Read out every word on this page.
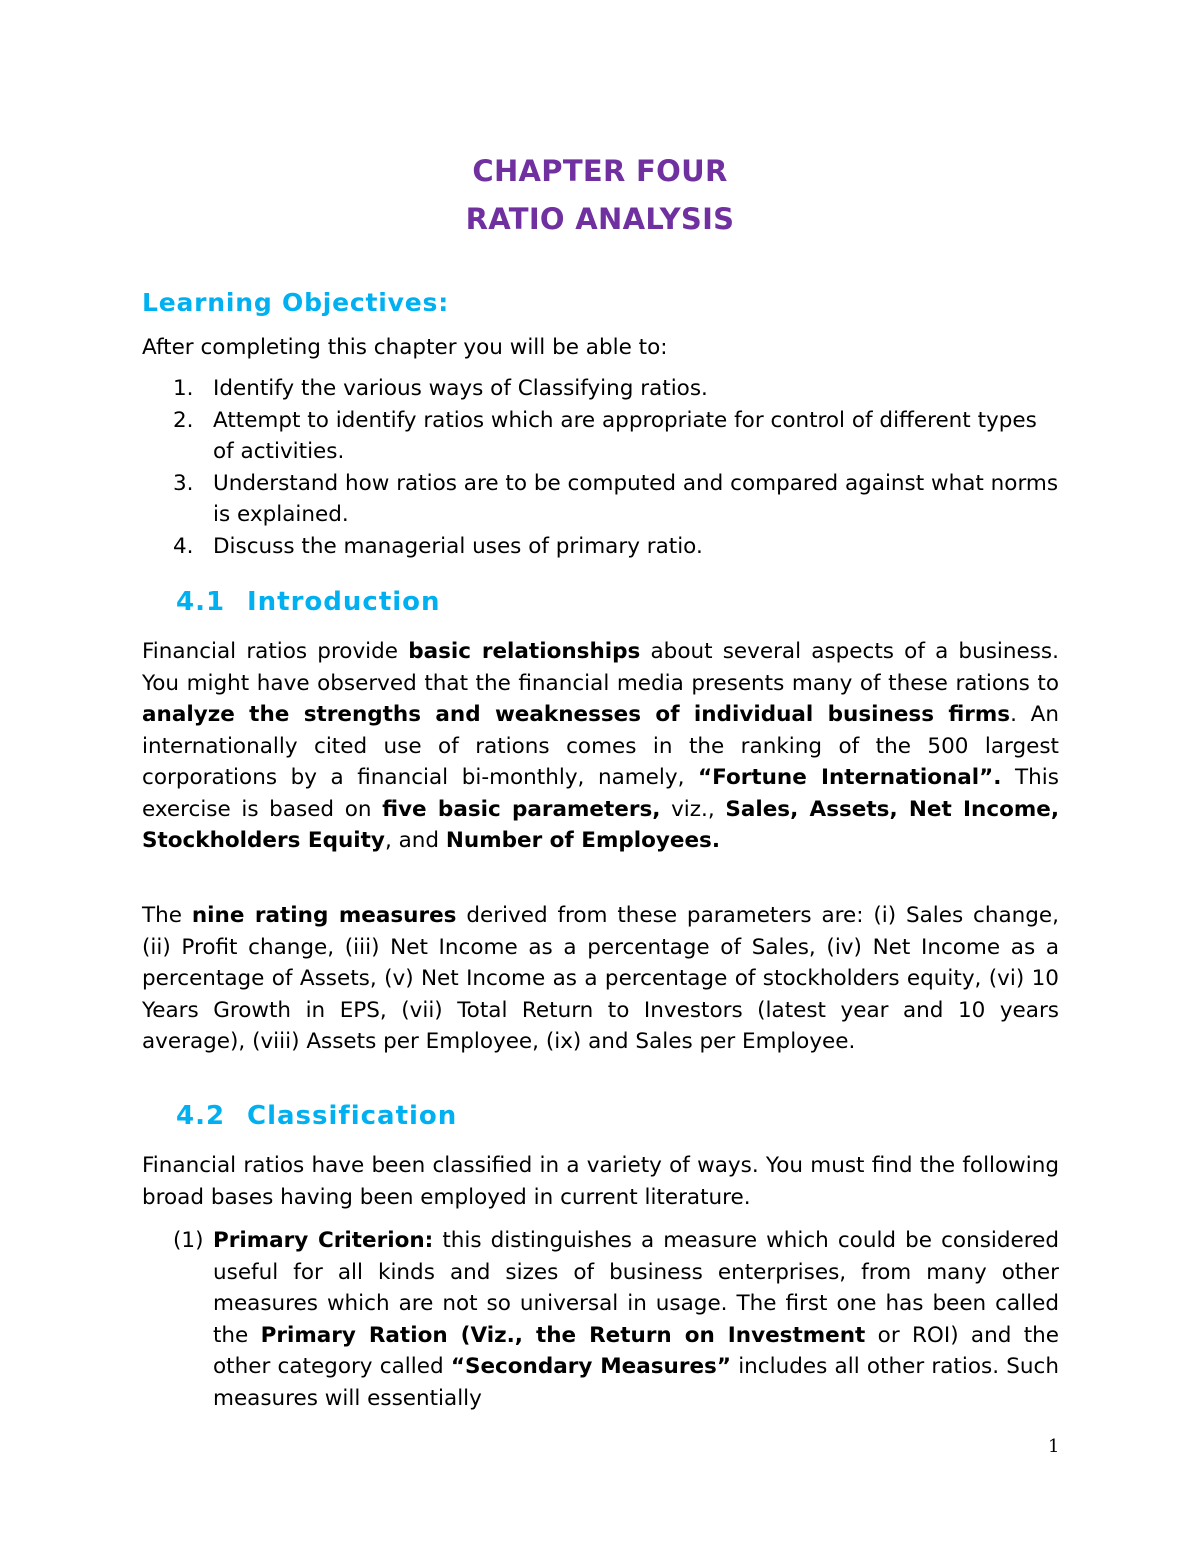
CHAPTER FOUR
RATIO ANALYSIS
Learning Objectives:

After completing this chapter you will be able to:

1. Identify the various ways of Classifying ratios.
2. Attempt to identify ratios which are appropriate for control of different types of activities.
3. Understand how ratios are to be computed and compared against what norms is explained.
4. Discuss the managerial uses of primary ratio.
4.1 Introduction

Financial ratios provide basic relationships about several aspects of a business. You might have observed that the financial media presents many of these rations to analyze the strengths and weaknesses of individual business firms. An internationally cited use of rations comes in the ranking of the 500 largest corporations by a financial bi-monthly, namely, “Fortune International”. This exercise is based on five basic parameters, viz., Sales, Assets, Net Income, Stockholders Equity, and Number of Employees.

The nine rating measures derived from these parameters are: (i) Sales change, (ii) Profit change, (iii) Net Income as a percentage of Sales, (iv) Net Income as a percentage of Assets, (v) Net Income as a percentage of stockholders equity, (vi) 10 Years Growth in EPS, (vii) Total Return to Investors (latest year and 10 years average), (viii) Assets per Employee, (ix) and Sales per Employee.

4.2 Classification

Financial ratios have been classified in a variety of ways. You must find the following broad bases having been employed in current literature.

(1) Primary Criterion: this distinguishes a measure which could be considered useful for all kinds and sizes of business enterprises, from many other measures which are not so universal in usage. The first one has been called the Primary Ration (Viz., the Return on Investment or ROI) and the other category called “Secondary Measures” includes all other ratios. Such measures will essentially

1
